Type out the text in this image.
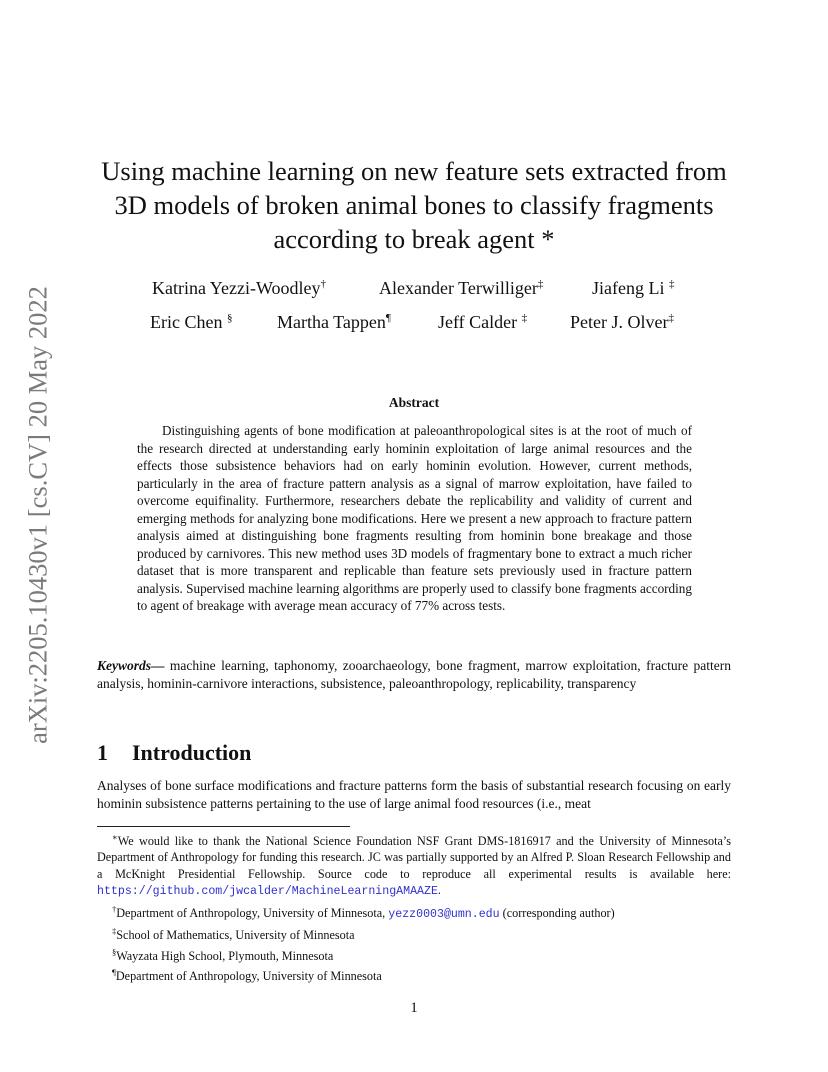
arXiv:2205.10430v1 [cs.CV] 20 May 2022
Using machine learning on new feature sets extracted from 3D models of broken animal bones to classify fragments according to break agent *
Katrina Yezzi-Woodley†	Alexander Terwilliger‡	Jiafeng Li ‡
Eric Chen § Martha Tappen¶	Jeff Calder ‡ Peter J. Olver‡
Abstract

Distinguishing agents of bone modification at paleoanthropological sites is at the root of much of the research directed at understanding early hominin exploitation of large animal resources and the effects those subsistence behaviors had on early hominin evolution. However, current methods, particularly in the area of fracture pattern analysis as a signal of marrow exploitation, have failed to overcome equifinality. Furthermore, researchers debate the replicability and validity of current and emerging methods for analyzing bone modifications. Here we present a new approach to fracture pattern analysis aimed at distinguishing bone fragments resulting from hominin bone breakage and those produced by carnivores. This new method uses 3D models of fragmentary bone to extract a much richer dataset that is more transparent and replicable than feature sets previously used in fracture pattern analysis. Supervised machine learning algorithms are properly used to classify bone fragments according to agent of breakage with average mean accuracy of 77% across tests.

Keywords— machine learning, taphonomy, zooarchaeology, bone fragment, marrow exploitation, fracture pattern analysis, hominin-carnivore interactions, subsistence, paleoanthropology, replicability, transparency

1 Introduction

Analyses of bone surface modifications and fracture patterns form the basis of substantial research focusing on early hominin subsistence patterns pertaining to the use of large animal food resources (i.e., meat

∗We would like to thank the National Science Foundation NSF Grant DMS-1816917 and the University of Minnesota’s Department of Anthropology for funding this research. JC was partially supported by an Alfred P. Sloan Research Fellowship and a McKnight Presidential Fellowship. Source code to reproduce all experimental results is available here: https://github.com/jwcalder/MachineLearningAMAAZE.

†Department of Anthropology, University of Minnesota, yezz0003@umn.edu (corresponding author)

‡School of Mathematics, University of Minnesota

§Wayzata High School, Plymouth, Minnesota

¶Department of Anthropology, University of Minnesota

1
